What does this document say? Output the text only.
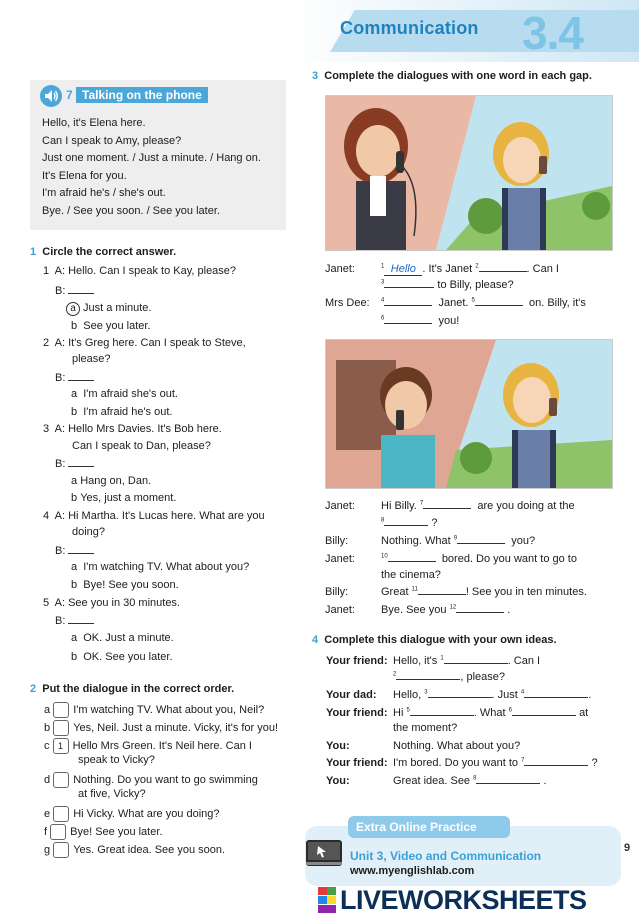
Communication 3.4
7 Talking on the phone
Hello, it's Elena here.
Can I speak to Amy, please?
Just one moment. / Just a minute. / Hang on.
It's Elena for you.
I'm afraid he's / she's out.
Bye. / See you soon. / See you later.
1 Circle the correct answer.
1 A: Hello. Can I speak to Kay, please?
B:
a Just a minute.
b See you later.
2 A: It's Greg here. Can I speak to Steve,
please?
B:
a I'm afraid she's out.
b I'm afraid he's out.
3 A: Hello Mrs Davies. It's Bob here.
Can I speak to Dan, please?
B:
a Hang on, Dan.
b Yes, just a moment.
4 A: Hi Martha. It's Lucas here. What are you
doing?
B:
a I'm watching TV. What about you?
b Bye! See you soon.
5 A: See you in 30 minutes.
B:
a OK. Just a minute.
b OK. See you later.
2 Put the dialogue in the correct order.
a I'm watching TV. What about you, Neil?
b Yes, Neil. Just a minute. Vicky, it's for you!
c 1 Hello Mrs Green. It's Neil here. Can I
speak to Vicky?
d Nothing. Do you want to go swimming
at five, Vicky?
e Hi Vicky. What are you doing?
f Bye! See you later.
g Yes. Great idea. See you soon.
3 Complete the dialogues with one word in each gap.
Janet:	$^1$ Hello . It's Janet $^2$	. Can I
$^3$	to Billy, please?
Mrs Dee: $^4$	Janet. $^5$	on. Billy, it's
$^6$	you!
Janet: Hi Billy. $^7$	are you doing at the
$^8$	?
Billy:	Nothing. What $^9$	you?
Janet:	$^{10}$	bored. Do you want to go to
the cinema?
Billy:	Great $^{11}$	! See you in ten minutes.
Janet: Bye. See you $^{12}$	.
4 Complete this dialogue with your own ideas.
Your friend: Hello, it's $^1$	. Can I
$^2$	, please?
Your dad: Hello, $^3$	. Just $^4$	.
Your friend: Hi $^5$	. What $^6$	at
the moment?
You:	Nothing. What about you?
Your friend: I'm bored. Do you want to $^7$	?
You:	Great idea. See $^8$	.
Extra Online Practice
Unit 3, Video and Communication
www.myenglishlab.com
9
LIVEWORKSHEETS
